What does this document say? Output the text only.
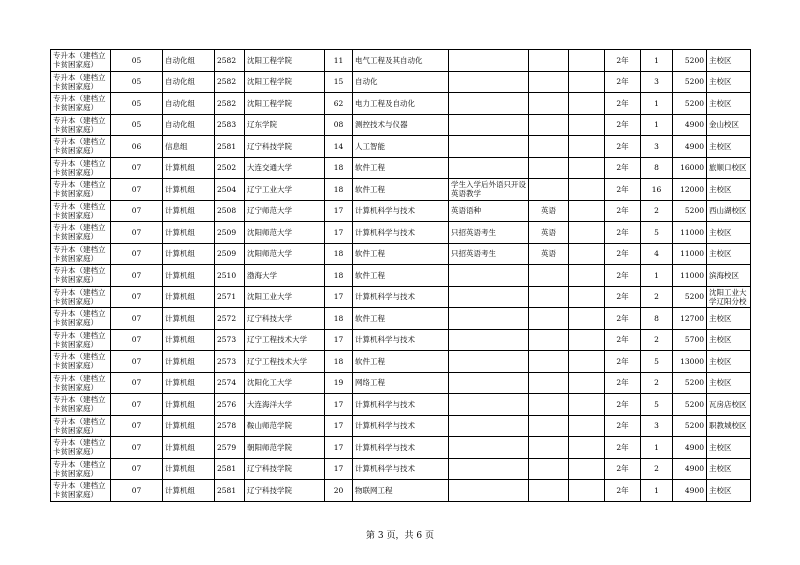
专升本（建档立卡贫困家庭）	05	自动化组	2582	沈阳工程学院	11	电气工程及其自动化				2年	1	5200	主校区
专升本（建档立卡贫困家庭）	05	自动化组	2582	沈阳工程学院	15	自动化				2年	3	5200	主校区
专升本（建档立卡贫困家庭）	05	自动化组	2582	沈阳工程学院	62	电力工程及自动化				2年	1	5200	主校区
专升本（建档立卡贫困家庭）	05	自动化组	2583	辽东学院	08	测控技术与仪器				2年	1	4900	金山校区
专升本（建档立卡贫困家庭）	06	信息组	2581	辽宁科技学院	14	人工智能				2年	3	4900	主校区
专升本（建档立卡贫困家庭）	07	计算机组	2502	大连交通大学	18	软件工程				2年	8	16000	旅顺口校区
专升本（建档立卡贫困家庭）	07	计算机组	2504	辽宁工业大学	18	软件工程	学生入学后外语只开设英语教学			2年	16	12000	主校区
专升本（建档立卡贫困家庭）	07	计算机组	2508	辽宁师范大学	17	计算机科学与技术	英语语种	英语		2年	2	5200	西山湖校区
专升本（建档立卡贫困家庭）	07	计算机组	2509	沈阳师范大学	17	计算机科学与技术	只招英语考生	英语		2年	5	11000	主校区
专升本（建档立卡贫困家庭）	07	计算机组	2509	沈阳师范大学	18	软件工程	只招英语考生	英语		2年	4	11000	主校区
专升本（建档立卡贫困家庭）	07	计算机组	2510	渤海大学	18	软件工程				2年	1	11000	滨海校区
专升本（建档立卡贫困家庭）	07	计算机组	2571	沈阳工业大学	17	计算机科学与技术				2年	2	5200	沈阳工业大学辽阳分校
专升本（建档立卡贫困家庭）	07	计算机组	2572	辽宁科技大学	18	软件工程				2年	8	12700	主校区
专升本（建档立卡贫困家庭）	07	计算机组	2573	辽宁工程技术大学	17	计算机科学与技术				2年	2	5700	主校区
专升本（建档立卡贫困家庭）	07	计算机组	2573	辽宁工程技术大学	18	软件工程				2年	5	13000	主校区
专升本（建档立卡贫困家庭）	07	计算机组	2574	沈阳化工大学	19	网络工程				2年	2	5200	主校区
专升本（建档立卡贫困家庭）	07	计算机组	2576	大连海洋大学	17	计算机科学与技术				2年	5	5200	瓦房店校区
专升本（建档立卡贫困家庭）	07	计算机组	2578	鞍山师范学院	17	计算机科学与技术				2年	3	5200	职教城校区
专升本（建档立卡贫困家庭）	07	计算机组	2579	朝阳师范学院	17	计算机科学与技术				2年	1	4900	主校区
专升本（建档立卡贫困家庭）	07	计算机组	2581	辽宁科技学院	17	计算机科学与技术				2年	2	4900	主校区
专升本（建档立卡贫困家庭）	07	计算机组	2581	辽宁科技学院	20	物联网工程				2年	1	4900	主校区
第 3 页，共 6 页
